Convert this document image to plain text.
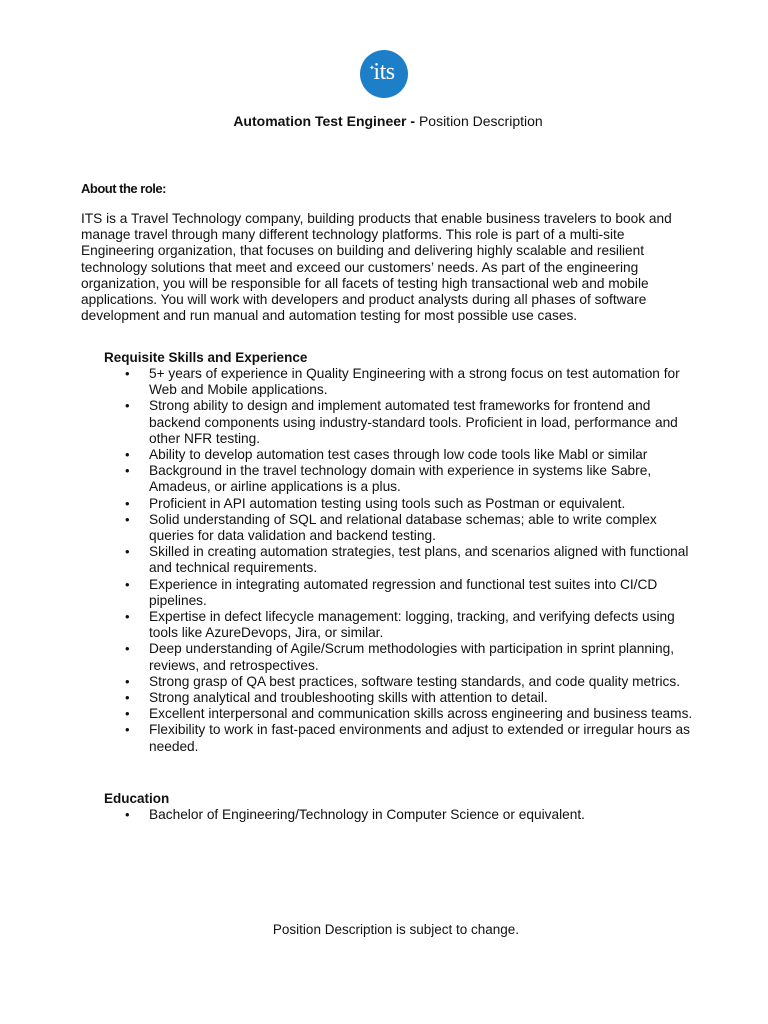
✦
its
Automation Test Engineer - Position Description
About the role:

ITS is a Travel Technology company, building products that enable business travelers to book and manage travel through many different technology platforms. This role is part of a multi-site Engineering organization, that focuses on building and delivering highly scalable and resilient technology solutions that meet and exceed our customers’ needs. As part of the engineering organization, you will be responsible for all facets of testing high transactional web and mobile applications. You will work with developers and product analysts during all phases of software development and run manual and automation testing for most possible use cases.

Requisite Skills and Experience
• 5+ years of experience in Quality Engineering with a strong focus on test automation for Web and Mobile applications.
• Strong ability to design and implement automated test frameworks for frontend and backend components using industry-standard tools. Proficient in load, performance and other NFR testing.
• Ability to develop automation test cases through low code tools like Mabl or similar
• Background in the travel technology domain with experience in systems like Sabre, Amadeus, or airline applications is a plus.
• Proficient in API automation testing using tools such as Postman or equivalent.
• Solid understanding of SQL and relational database schemas; able to write complex queries for data validation and backend testing.
• Skilled in creating automation strategies, test plans, and scenarios aligned with functional and technical requirements.
• Experience in integrating automated regression and functional test suites into CI/CD pipelines.
• Expertise in defect lifecycle management: logging, tracking, and verifying defects using tools like AzureDevops, Jira, or similar.
• Deep understanding of Agile/Scrum methodologies with participation in sprint planning, reviews, and retrospectives.
• Strong grasp of QA best practices, software testing standards, and code quality metrics.
• Strong analytical and troubleshooting skills with attention to detail.
• Excellent interpersonal and communication skills across engineering and business teams.
• Flexibility to work in fast-paced environments and adjust to extended or irregular hours as needed.
Education
• Bachelor of Engineering/Technology in Computer Science or equivalent.
Position Description is subject to change.
